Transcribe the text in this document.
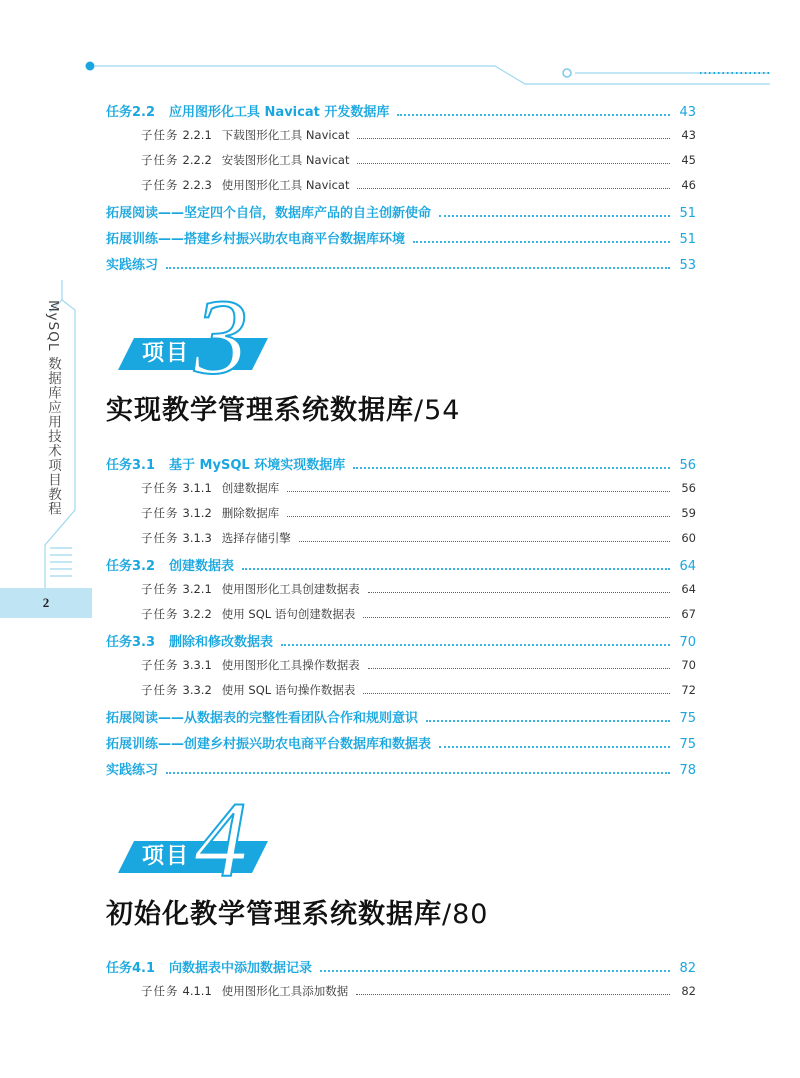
MySQL 数据库应用技术项目教程
2
任务2.2 应用图形化工具 Navicat 开发数据库	43
子任务 2.2.1 下载图形化工具 Navicat	43
子任务 2.2.2 安装图形化工具 Navicat	45
子任务 2.2.3 使用图形化工具 Navicat	46
拓展阅读——坚定四个自信，数据库产品的自主创新使命	51
拓展训练——搭建乡村振兴助农电商平台数据库环境	51
实践练习	53
3
项目
实现教学管理系统数据库/54
任务3.1 基于 MySQL 环境实现数据库	56
子任务 3.1.1 创建数据库	56
子任务 3.1.2 删除数据库	59
子任务 3.1.3 选择存储引擎	60
任务3.2 创建数据表	64
子任务 3.2.1 使用图形化工具创建数据表	64
子任务 3.2.2 使用 SQL 语句创建数据表	67
任务3.3 删除和修改数据表	70
子任务 3.3.1 使用图形化工具操作数据表	70
子任务 3.3.2 使用 SQL 语句操作数据表	72
拓展阅读——从数据表的完整性看团队合作和规则意识	75
拓展训练——创建乡村振兴助农电商平台数据库和数据表	75
实践练习	78
4
项目
初始化教学管理系统数据库/80
任务4.1 向数据表中添加数据记录	82
子任务 4.1.1 使用图形化工具添加数据	82
